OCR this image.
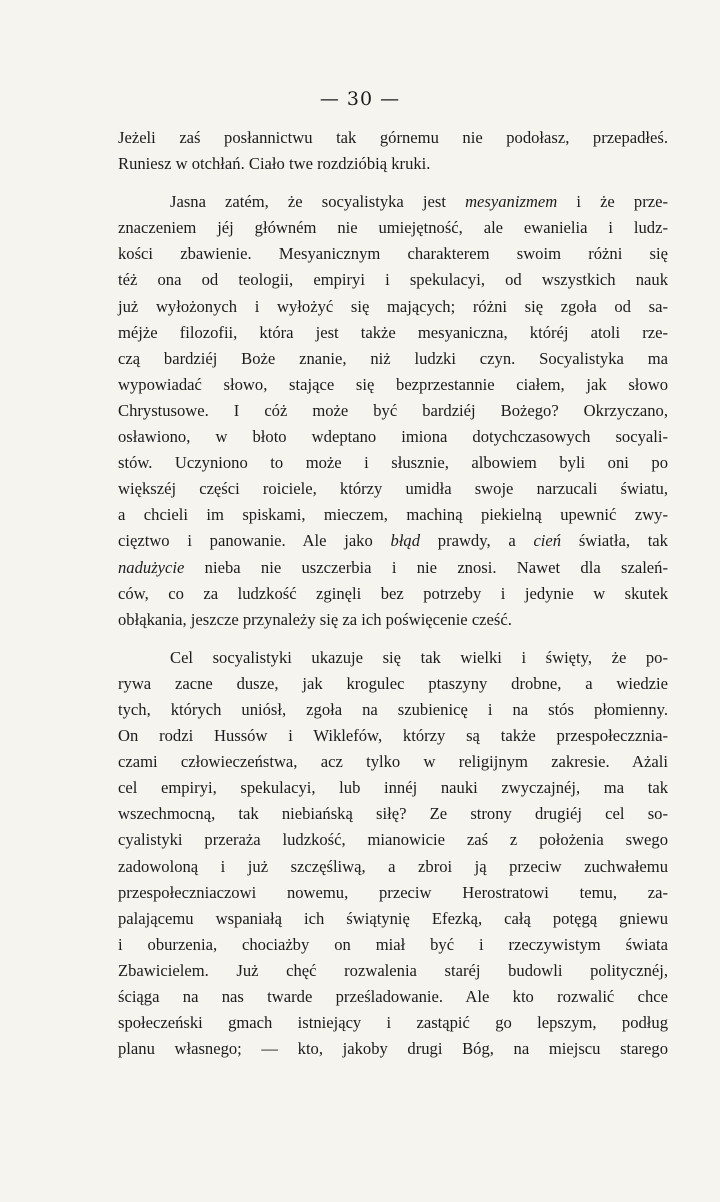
— 30 —
Jeżeli zaś posłannictwu tak górnemu nie podołasz, przepadłeś.
Runiesz w otchłań. Ciało twe rozdzióbią kruki.
Jasna zatém, że socyalistyka jest mesyanizmem i że prze-
znaczeniem jéj główném nie umiejętność, ale ewanielia i ludz-
kości zbawienie. Mesyanicznym charakterem swoim różni się
téż ona od teologii, empiryi i spekulacyi, od wszystkich nauk
już wyłożonych i wyłożyć się mających; różni się zgoła od sa-
méjże filozofii, która jest także mesyaniczna, któréj atoli rze-
czą bardziéj Boże znanie, niż ludzki czyn. Socyalistyka ma
wypowiadać słowo, stające się bezprzestannie ciałem, jak słowo
Chrystusowe. I cóż może być bardziéj Bożego? Okrzyczano,
osławiono, w błoto wdeptano imiona dotychczasowych socyali-
stów. Uczyniono to może i słusznie, albowiem byli oni po
większéj części roiciele, którzy umidła swoje narzucali światu,
a chcieli im spiskami, mieczem, machiną piekielną upewnić zwy-
cięztwo i panowanie. Ale jako błąd prawdy, a cień światła, tak
nadużycie nieba nie uszczerbia i nie znosi. Nawet dla szaleń-
ców, co za ludzkość zginęli bez potrzeby i jedynie w skutek
obłąkania, jeszcze przynależy się za ich poświęcenie cześć.
Cel socyalistyki ukazuje się tak wielki i święty, że po-
rywa zacne dusze, jak krogulec ptaszyny drobne, a wiedzie
tych, których uniósł, zgoła na szubienicę i na stós płomienny.
On rodzi Hussów i Wiklefów, którzy są także przespołeczznia-
czami człowieczeństwa, acz tylko w religijnym zakresie. Ażali
cel empiryi, spekulacyi, lub innéj nauki zwyczajnéj, ma tak
wszechmocną, tak niebiańską siłę? Ze strony drugiéj cel so-
cyalistyki przeraża ludzkość, mianowicie zaś z położenia swego
zadowoloną i już szczęśliwą, a zbroi ją przeciw zuchwałemu
przespołeczniaczowi nowemu, przeciw Herostratowi temu, za-
palającemu wspaniałą ich świątynię Efezką, całą potęgą gniewu
i oburzenia, chociażby on miał być i rzeczywistym świata
Zbawicielem. Już chęć rozwalenia staréj budowli politycznéj,
ściąga na nas twarde prześladowanie. Ale kto rozwalić chce
społeczeński gmach istniejący i zastąpić go lepszym, podług
planu własnego; — kto, jakoby drugi Bóg, na miejscu starego
